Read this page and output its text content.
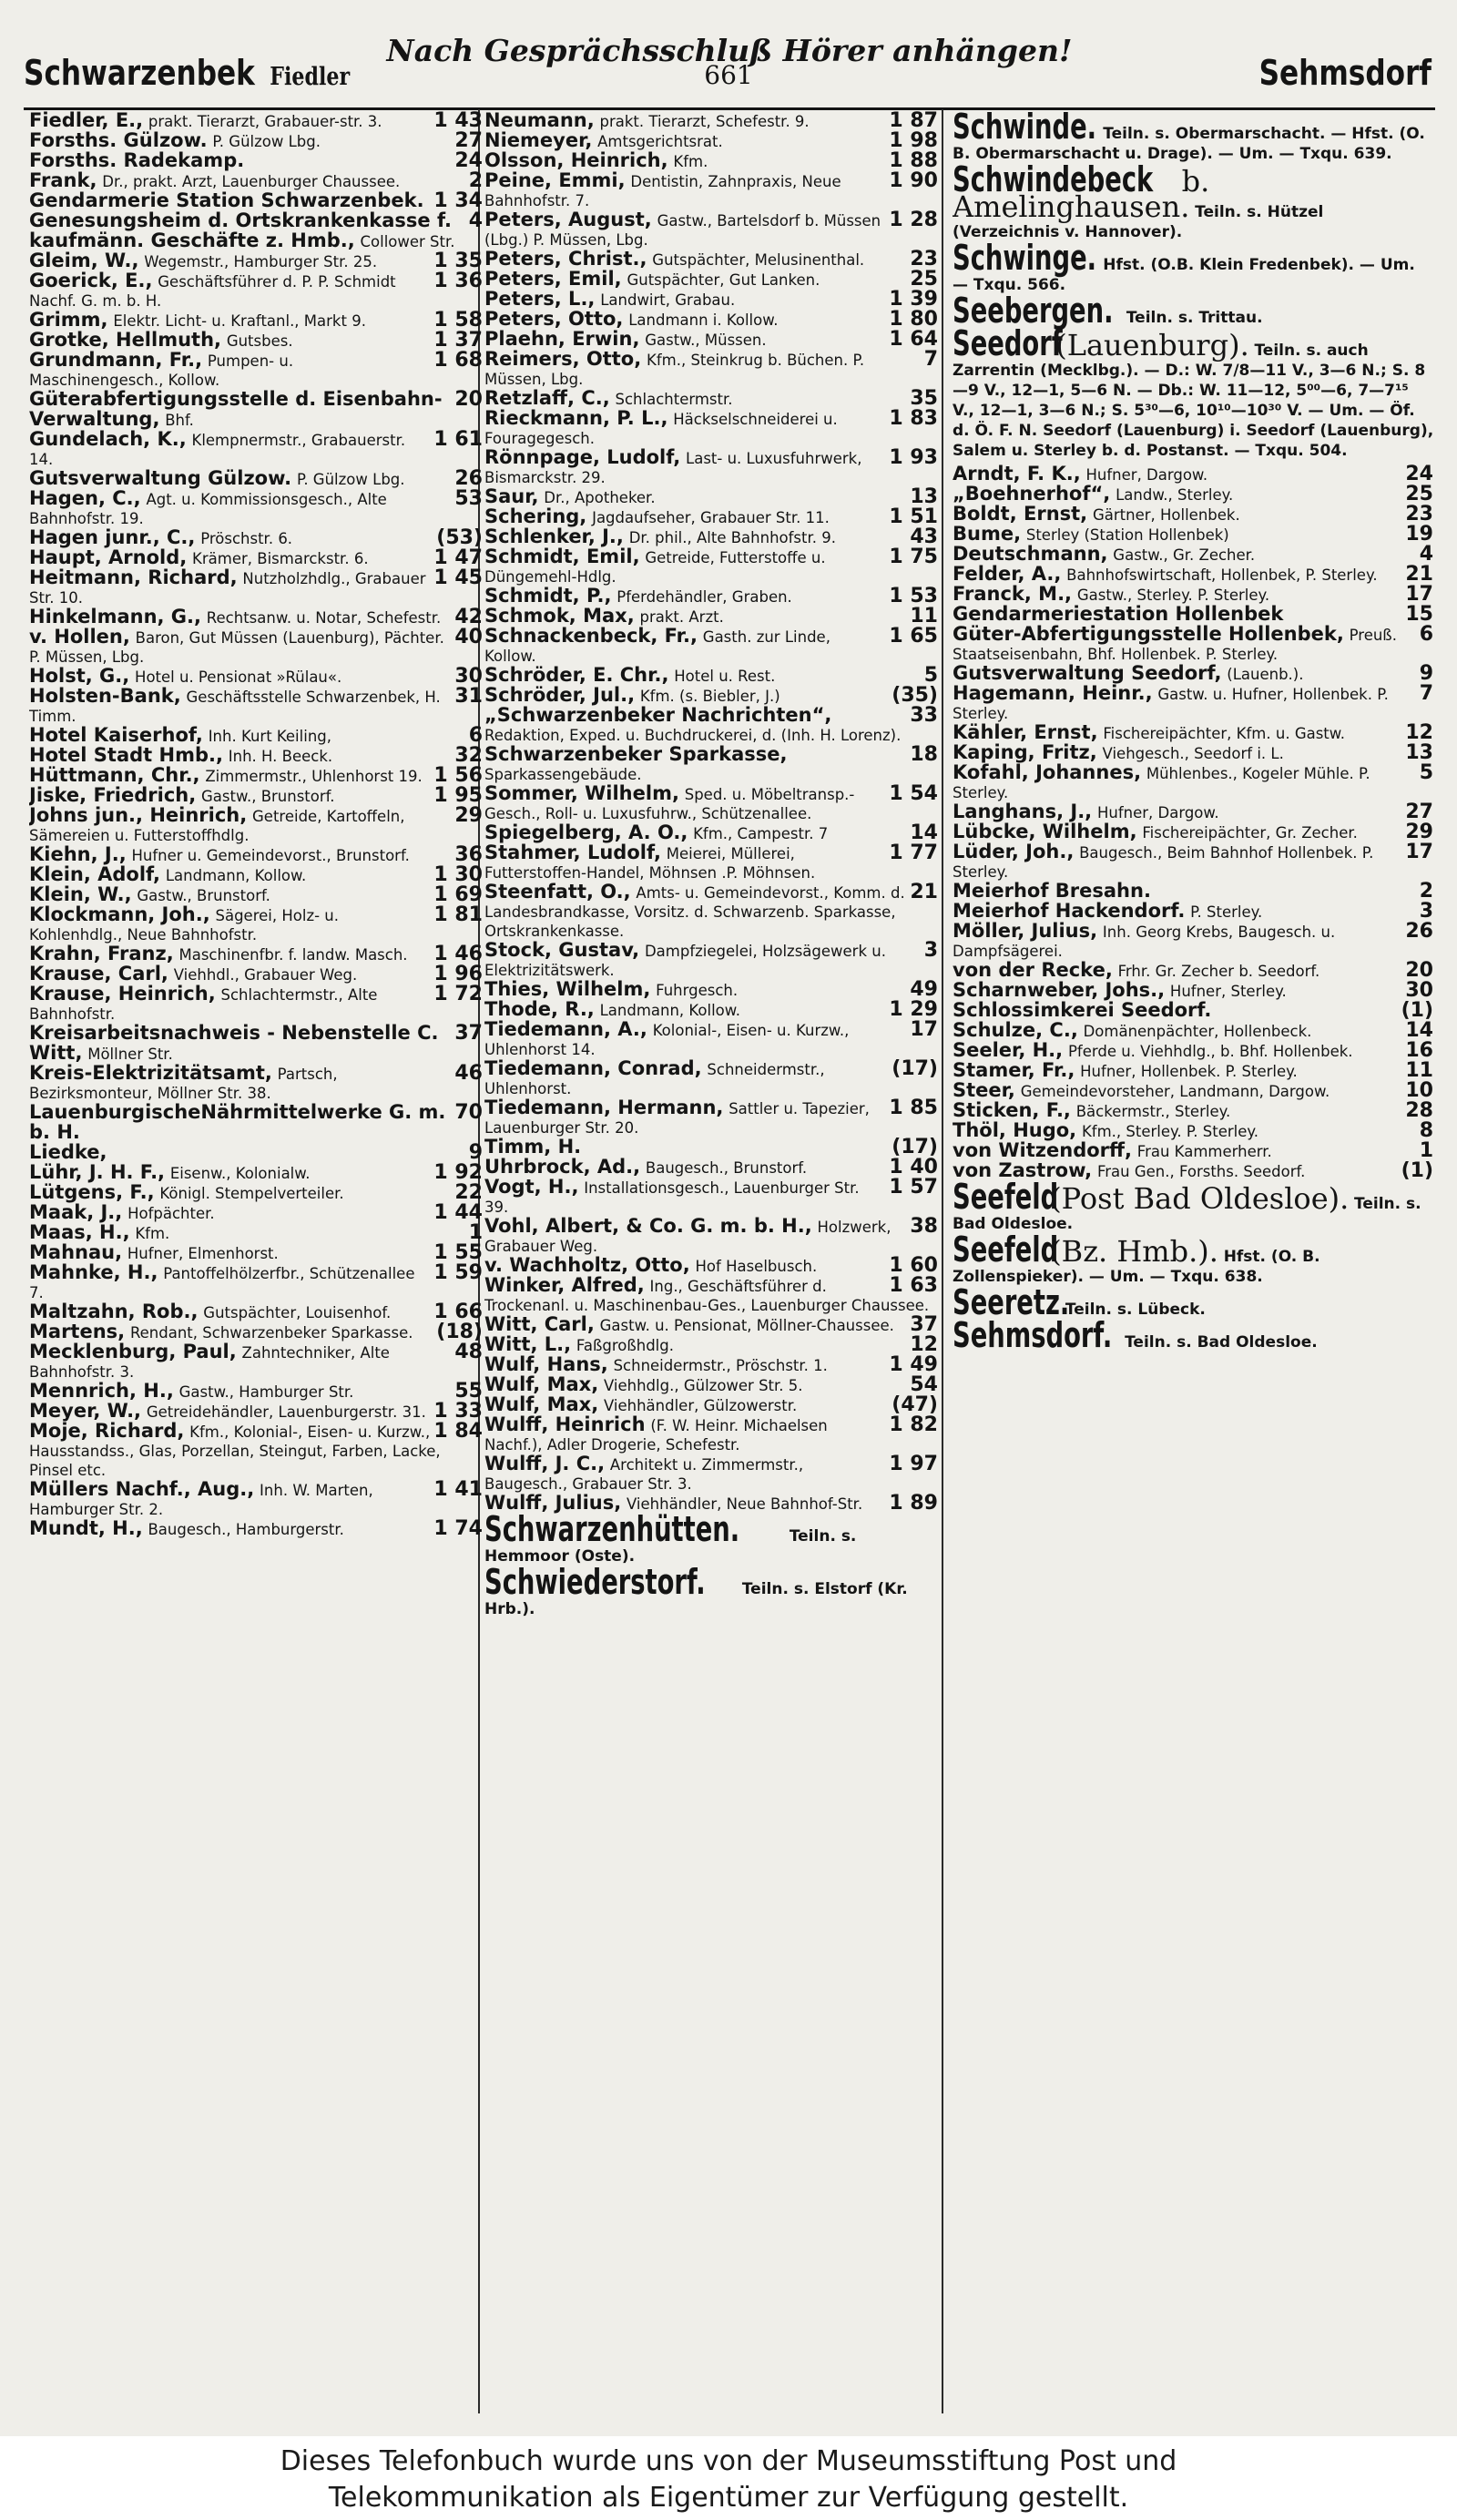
Schwarzenbek Fiedler
Nach Gesprächsschluß Hörer anhängen!
661	Sehmsdorf
1 43
Fiedler, E., prakt. Tierarzt, Grabauer-str. 3.
27
Forsths. Gülzow. P. Gülzow Lbg.
24
Forsths. Radekamp.
2
Frank, Dr., prakt. Arzt, Lauenburger Chaussee.
1 34
Gendarmerie Station Schwarzenbek.
4
Genesungsheim d. Ortskrankenkasse f. kaufmänn. Geschäfte z. Hmb., Collower Str.
1 35
Gleim, W., Wegemstr., Hamburger Str. 25.
1 36
Goerick, E., Geschäftsführer d. P. P. Schmidt Nachf. G. m. b. H.
1 58
Grimm, Elektr. Licht- u. Kraftanl., Markt 9.
1 37
Grotke, Hellmuth, Gutsbes.
1 68
Grundmann, Fr., Pumpen- u. Maschinengesch., Kollow.
20
Güterabfertigungsstelle d. Eisenbahn-Verwaltung, Bhf.
1 61
Gundelach, K., Klempnermstr., Grabauerstr. 14.
26
Gutsverwaltung Gülzow. P. Gülzow Lbg.
53
Hagen, C., Agt. u. Kommissionsgesch., Alte Bahnhofstr. 19.
(53)
Hagen junr., C., Pröschstr. 6.
1 47
Haupt, Arnold, Krämer, Bismarckstr. 6.
1 45
Heitmann, Richard, Nutzholzhdlg., Grabauer Str. 10.
42
Hinkelmann, G., Rechtsanw. u. Notar, Schefestr.
40
v. Hollen, Baron, Gut Müssen (Lauenburg), Pächter. P. Müssen, Lbg.
30
Holst, G., Hotel u. Pensionat »Rülau«.
31
Holsten-Bank, Geschäftsstelle Schwarzenbek, H. Timm.
6
Hotel Kaiserhof, Inh. Kurt Keiling,
32
Hotel Stadt Hmb., Inh. H. Beeck.
1 56
Hüttmann, Chr., Zimmermstr., Uhlenhorst 19.
1 95
Jiske, Friedrich, Gastw., Brunstorf.
29
Johns jun., Heinrich, Getreide, Kartoffeln, Sämereien u. Futterstoffhdlg.
36
Kiehn, J., Hufner u. Gemeindevorst., Brunstorf.
1 30
Klein, Adolf, Landmann, Kollow.
1 69
Klein, W., Gastw., Brunstorf.
1 81
Klockmann, Joh., Sägerei, Holz- u. Kohlenhdlg., Neue Bahnhofstr.
1 46
Krahn, Franz, Maschinenfbr. f. landw. Masch.
1 96
Krause, Carl, Viehhdl., Grabauer Weg.
1 72
Krause, Heinrich, Schlachtermstr., Alte Bahnhofstr.
37
Kreisarbeitsnachweis - Nebenstelle C. Witt, Möllner Str.
46
Kreis-Elektrizitätsamt, Partsch, Bezirksmonteur, Möllner Str. 38.
70
LauenburgischeNährmittelwerke G. m. b. H.
9
Liedke,
1 92
Lühr, J. H. F., Eisenw., Kolonialw.
22
Lütgens, F., Königl. Stempelverteiler.
1 44
Maak, J., Hofpächter.
1
Maas, H., Kfm.
1 55
Mahnau, Hufner, Elmenhorst.
1 59
Mahnke, H., Pantoffelhölzerfbr., Schützenallee 7.
1 66
Maltzahn, Rob., Gutspächter, Louisenhof.
(18)
Martens, Rendant, Schwarzenbeker Sparkasse.
48
Mecklenburg, Paul, Zahntechniker, Alte Bahnhofstr. 3.
55
Mennrich, H., Gastw., Hamburger Str.
1 33
Meyer, W., Getreidehändler, Lauenburgerstr. 31.
1 84
Moje, Richard, Kfm., Kolonial-, Eisen- u. Kurzw., Hausstandss., Glas, Porzellan, Steingut, Farben, Lacke, Pinsel etc.
1 41
Müllers Nachf., Aug., Inh. W. Marten, Hamburger Str. 2.
1 74
Mundt, H., Baugesch., Hamburgerstr.
1 87
Neumann, prakt. Tierarzt, Schefestr. 9.
1 98
Niemeyer, Amtsgerichtsrat.
1 88
Olsson, Heinrich, Kfm.
1 90
Peine, Emmi, Dentistin, Zahnpraxis, Neue Bahnhofstr. 7.
1 28
Peters, August, Gastw., Bartelsdorf b. Müssen (Lbg.) P. Müssen, Lbg.
23
Peters, Christ., Gutspächter, Melusinenthal.
25
Peters, Emil, Gutspächter, Gut Lanken.
1 39
Peters, L., Landwirt, Grabau.
1 80
Peters, Otto, Landmann i. Kollow.
1 64
Plaehn, Erwin, Gastw., Müssen.
7
Reimers, Otto, Kfm., Steinkrug b. Büchen. P. Müssen, Lbg.
35
Retzlaff, C., Schlachtermstr.
1 83
Rieckmann, P. L., Häckselschneiderei u. Fouragegesch.
1 93
Rönnpage, Ludolf, Last- u. Luxusfuhrwerk, Bismarckstr. 29.
13
Saur, Dr., Apotheker.
1 51
Schering, Jagdaufseher, Grabauer Str. 11.
43
Schlenker, J., Dr. phil., Alte Bahnhofstr. 9.
1 75
Schmidt, Emil, Getreide, Futterstoffe u. Düngemehl-Hdlg.
1 53
Schmidt, P., Pferdehändler, Graben.
11
Schmok, Max, prakt. Arzt.
1 65
Schnackenbeck, Fr., Gasth. zur Linde, Kollow.
5
Schröder, E. Chr., Hotel u. Rest.
(35)
Schröder, Jul., Kfm. (s. Biebler, J.)
33
„Schwarzenbeker Nachrichten“, Redaktion, Exped. u. Buchdruckerei, d. (Inh. H. Lorenz).
18
Schwarzenbeker Sparkasse, Sparkassengebäude.
1 54
Sommer, Wilhelm, Sped. u. Möbeltransp.-Gesch., Roll- u. Luxusfuhrw., Schützenallee.
14
Spiegelberg, A. O., Kfm., Campestr. 7
1 77
Stahmer, Ludolf, Meierei, Müllerei, Futterstoffen-Handel, Möhnsen .P. Möhnsen.
21
Steenfatt, O., Amts- u. Gemeindevorst., Komm. d. Landesbrandkasse, Vorsitz. d. Schwarzenb. Sparkasse, Ortskrankenkasse.
3
Stock, Gustav, Dampfziegelei, Holzsägewerk u. Elektrizitätswerk.
49
Thies, Wilhelm, Fuhrgesch.
1 29
Thode, R., Landmann, Kollow.
17
Tiedemann, A., Kolonial-, Eisen- u. Kurzw., Uhlenhorst 14.
(17)
Tiedemann, Conrad, Schneidermstr., Uhlenhorst.
1 85
Tiedemann, Hermann, Sattler u. Tapezier, Lauenburger Str. 20.
(17)
Timm, H.
1 40
Uhrbrock, Ad., Baugesch., Brunstorf.
1 57
Vogt, H., Installationsgesch., Lauenburger Str. 39.
38
Vohl, Albert, & Co. G. m. b. H., Holzwerk, Grabauer Weg.
1 60
v. Wachholtz, Otto, Hof Haselbusch.
1 63
Winker, Alfred, Ing., Geschäftsführer d. Trockenanl. u. Maschinenbau-Ges., Lauenburger Chaussee.
37
Witt, Carl, Gastw. u. Pensionat, Möllner-Chaussee.
12
Witt, L., Faßgroßhdlg.
1 49
Wulf, Hans, Schneidermstr., Pröschstr. 1.
54
Wulf, Max, Viehhdlg., Gülzower Str. 5.
(47)
Wulf, Max, Viehhändler, Gülzowerstr.
1 82
Wulff, Heinrich (F. W. Heinr. Michaelsen Nachf.), Adler Drogerie, Schefestr.
1 97
Wulff, J. C., Architekt u. Zimmermstr., Baugesch., Grabauer Str. 3.
1 89
Wulff, Julius, Viehhändler, Neue Bahnhof-Str.
Schwarzenhütten.	Teiln. s. Hemmoor (Oste).
Schwiederstorf. Teiln. s. Elstorf (Kr. Hrb.).
Schwinde. Teiln. s. Obermarschacht. — Hfst. (O. B. Obermarschacht u. Drage). — Um. — Txqu. 639.
Schwindebeck b. Amelinghausen. Teiln. s. Hützel (Verzeichnis v. Hannover).
Schwinge. Hfst. (O.B. Klein Fredenbek). — Um. — Txqu. 566.
Seebergen. Teiln. s. Trittau.
Seedorf (Lauenburg). Teiln. s. auch Zarrentin (Mecklbg.). — D.: W. 7/8—11 V., 3—6 N.; S. 8—9 V., 12—1, 5—6 N. — Db.: W. 11—12, 5⁰⁰—6, 7—7¹⁵ V., 12—1, 3—6 N.; S. 5³⁰—6, 10¹⁰—10³⁰ V. — Um. — Öf. d. Ö. F. N. Seedorf (Lauenburg) i. Seedorf (Lauenburg), Salem u. Sterley b. d. Postanst. — Txqu. 504.
24
Arndt, F. K., Hufner, Dargow.
25
„Boehnerhof“, Landw., Sterley.
23
Boldt, Ernst, Gärtner, Hollenbek.
19
Bume, Sterley (Station Hollenbek)
4
Deutschmann, Gastw., Gr. Zecher.
21
Felder, A., Bahnhofswirtschaft, Hollenbek, P. Sterley.
17
Franck, M., Gastw., Sterley. P. Sterley.
15
Gendarmeriestation Hollenbek
6
Güter-Abfertigungsstelle Hollenbek, Preuß. Staatseisenbahn, Bhf. Hollenbek. P. Sterley.
9
Gutsverwaltung Seedorf, (Lauenb.).
7
Hagemann, Heinr., Gastw. u. Hufner, Hollenbek. P. Sterley.
12
Kähler, Ernst, Fischereipächter, Kfm. u. Gastw.
13
Kaping, Fritz, Viehgesch., Seedorf i. L.
5
Kofahl, Johannes, Mühlenbes., Kogeler Mühle. P. Sterley.
27
Langhans, J., Hufner, Dargow.
29
Lübcke, Wilhelm, Fischereipächter, Gr. Zecher.
17
Lüder, Joh., Baugesch., Beim Bahnhof Hollenbek. P. Sterley.
2
Meierhof Bresahn.
3
Meierhof Hackendorf. P. Sterley.
26
Möller, Julius, Inh. Georg Krebs, Baugesch. u. Dampfsägerei.
20
von der Recke, Frhr. Gr. Zecher b. Seedorf.
30
Scharnweber, Johs., Hufner, Sterley.
(1)
Schlossimkerei Seedorf.
14
Schulze, C., Domänenpächter, Hollenbeck.
16
Seeler, H., Pferde u. Viehhdlg., b. Bhf. Hollenbek.
11
Stamer, Fr., Hufner, Hollenbek. P. Sterley.
10
Steer, Gemeindevorsteher, Landmann, Dargow.
28
Sticken, F., Bäckermstr., Sterley.
8
Thöl, Hugo, Kfm., Sterley. P. Sterley.
1
von Witzendorff, Frau Kammerherr.
(1)
von Zastrow, Frau Gen., Forsths. Seedorf.
Seefeld (Post Bad Oldesloe). Teiln. s. Bad Oldesloe.
Seefeld (Bz. Hmb.). Hfst. (O. B. Zollenspieker). — Um. — Txqu. 638.
Seeretz. Teiln. s. Lübeck.
Sehmsdorf. Teiln. s. Bad Oldesloe.
Dieses Telefonbuch wurde uns von der Museumsstiftung Post und
Telekommunikation als Eigentümer zur Verfügung gestellt.
